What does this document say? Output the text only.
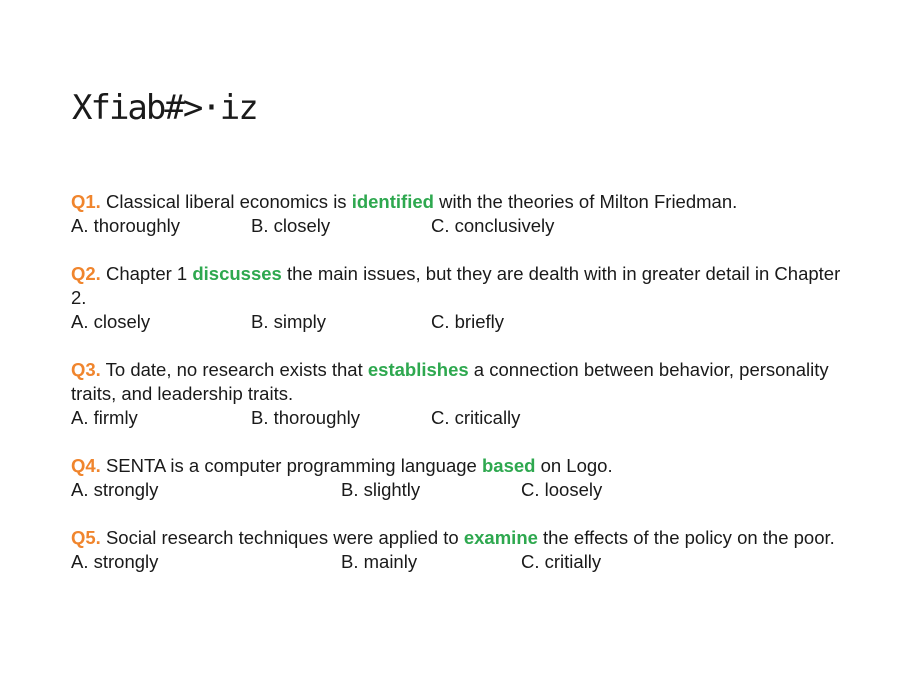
Xfiab#>·iz
Q1. Classical liberal economics is identified with the theories of Milton Friedman.
A. thoroughly	B. closely	C. conclusively
Q2. Chapter 1 discusses the main issues, but they are dealth with in greater detail in Chapter 2.
A. closely	B. simply	C. briefly
Q3. To date, no research exists that establishes a connection between behavior, personality traits, and leadership traits.
A. firmly	B. thoroughly	C. critically
Q4. SENTA is a computer programming language based on Logo.
A. strongly	B. slightly	C. loosely
Q5. Social research techniques were applied to examine the effects of the policy on the poor.
A. strongly	B. mainly	C. critially
